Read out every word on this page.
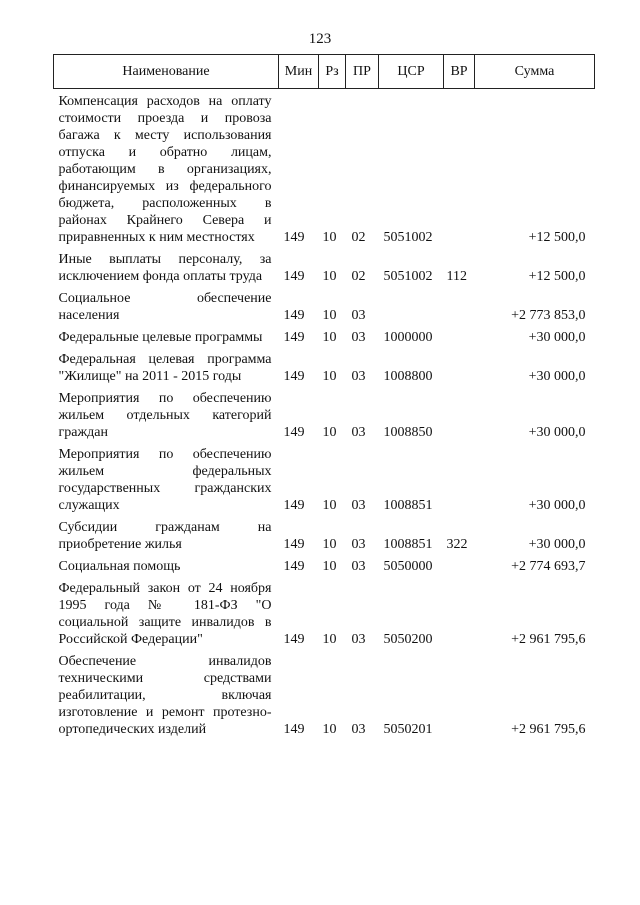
123
Наименование	Мин	Рз	ПР	ЦСР	ВР	Сумма
Компенсация расходов на оплату стоимости проезда и провоза багажа к месту использования отпуска и обратно лицам, работающим в организациях, финансируемых из федерального бюджета, расположенных в районах Крайнего Севера и приравненных к ним местностях	149	10	02	5051002		+12 500,0
Иные выплаты персоналу, за исключением фонда оплаты труда	149	10	02	5051002	112	+12 500,0
Социальное обеспечение населения	149	10	03			+2 773 853,0
Федеральные целевые программы	149	10	03	1000000		+30 000,0
Федеральная целевая программа "Жилище" на 2011 - 2015 годы	149	10	03	1008800		+30 000,0
Мероприятия по обеспечению жильем отдельных категорий граждан	149	10	03	1008850		+30 000,0
Мероприятия по обеспечению жильем федеральных государственных гражданских служащих	149	10	03	1008851		+30 000,0
Субсидии гражданам на приобретение жилья	149	10	03	1008851	322	+30 000,0
Социальная помощь	149	10	03	5050000		+2 774 693,7
Федеральный закон от 24 ноября 1995 года № 181-ФЗ "О социальной защите инвалидов в Российской Федерации"	149	10	03	5050200		+2 961 795,6
Обеспечение инвалидов техническими средствами реабилитации, включая изготовление и ремонт протезно-ортопедических изделий	149	10	03	5050201		+2 961 795,6
